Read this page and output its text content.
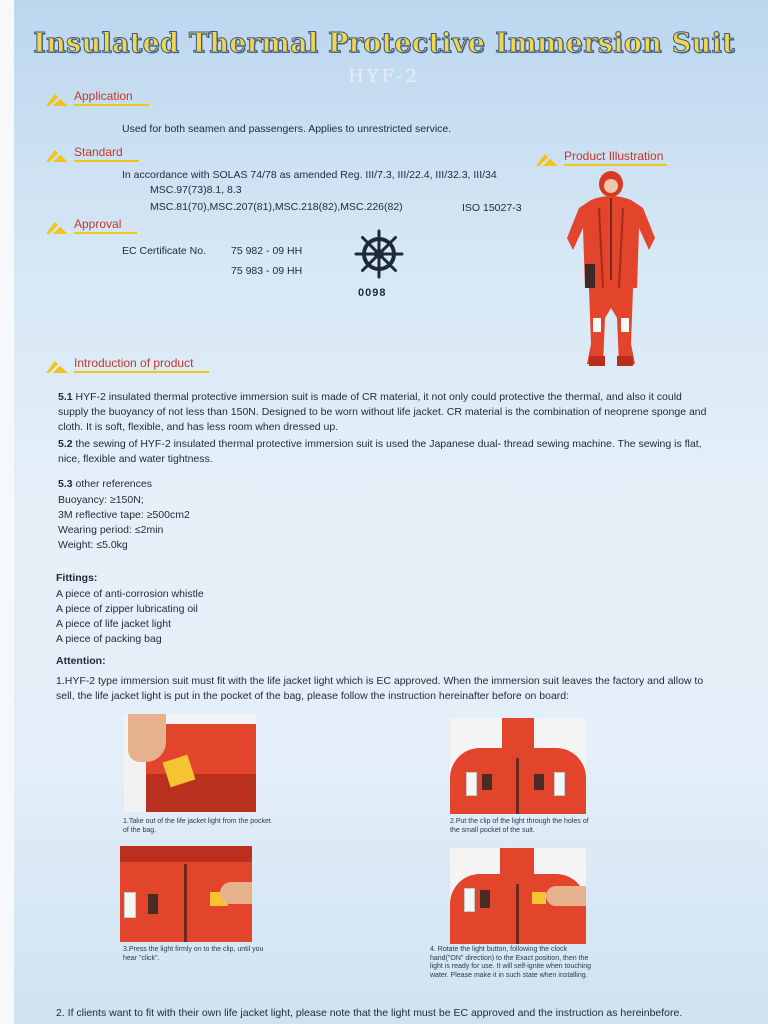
Insulated Thermal Protective Immersion Suit
HYF-2
Application
Used for both seamen and passengers. Applies to unrestricted service.
Standard
In accordance with SOLAS 74/78 as amended Reg. III/7.3, III/22.4, III/32.3, III/34
MSC.97(73)8.1, 8.3
MSC.81(70),MSC.207(81),MSC.218(82),MSC.226(82)	ISO 15027-3
Product Illustration
Approval
EC Certificate No. 75 982 - 09 HH
75 983 - 09 HH
0098
Introduction of product
5.1 HYF-2 insulated thermal protective immersion suit is made of CR material, it not only could protective the thermal, and also it could supply the buoyancy of not less than 150N. Designed to be worn without life jacket. CR material is the combination of neoprene sponge and cloth. It is soft, flexible, and has less room when dressed up.
5.2 the sewing of HYF-2 insulated thermal protective immersion suit is used the Japanese dual- thread sewing machine. The sewing is flat, nice, flexible and water tightness.
5.3 other references
Buoyancy: ≥150N;
3M reflective tape: ≥500cm2
Wearing period: ≤2min
Weight: ≤5.0kg
Fittings:
A piece of anti-corrosion whistle
A piece of zipper lubricating oil
A piece of life jacket light
A piece of packing bag
Attention:
1.HYF-2 type immersion suit must fit with the life jacket light which is EC approved. When the immersion suit leaves the factory and allow to sell, the life jacket light is put in the pocket of the bag, please follow the instruction hereinafter before on board:
1.Take out of the life jacket light from the pocket of the bag.
2.Put the clip of the light through the holes of the small pocket of the suit.
3.Press the light firmly on to the clip, until you hear "click".
4. Rotate the light button, following the clock hand("ON" direction) to the Exact position, then the light is ready for use. It will self-ignite when touching water. Please make it in such state when installing.
2. If clients want to fit with their own life jacket light, please note that the light must be EC approved and the instruction as hereinbefore.
